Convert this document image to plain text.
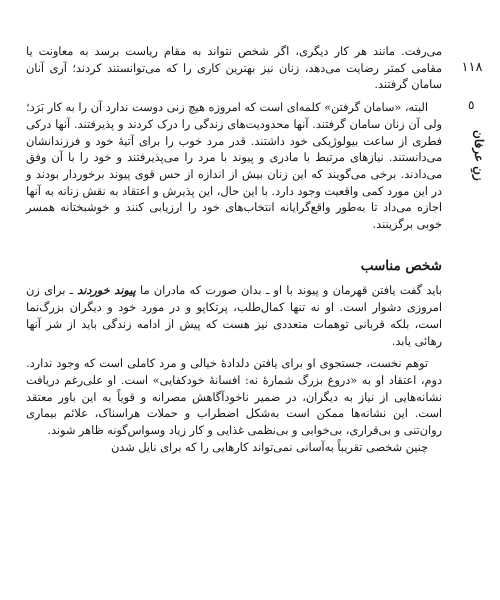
۱۱۸
٥
زنِ عرفان

می‌رفت. مانند هر کار دیگری، اگر شخص نتواند به مقام ریاست برسد به معاونت یا مقامی کمتر رضایت می‌دهد، زنان نیز بهترین کاری را که می‌توانستند کردند؛ آری آنان سامان گرفتند.

البته، «سامان گرفتن» کلمه‌ای است که امروزه هیچ زنی دوست ندارد آن را به کار بَرَد؛ ولی آن زنان سامان گرفتند. آنها محدودیت‌های زندگی را درک کردند و پذیرفتند. آنها درکی فطری از ساعت بیولوژیکی خود داشتند. قدر مرد خوب را برای آتیهٔ خود و فرزندانشان می‌دانستند. نیازهای مرتبط با مادری و پیوند با مرد را می‌پذیرفتند و خود را با آن وفق می‌دادند. برخی می‌گویند که این زنان بیش از اندازه از حس قوی پیوند برخوردار بودند و در این مورد کمی واقعیت وجود دارد. با این حال، این پذیرش و اعتقاد به نقش زنانه به آنها اجازه می‌داد تا به‌طور واقع‌گرایانه انتخاب‌های خود را ارزیابی کنند و خوشبختانه همسر خوبی برگزینند.

شخص مناسب

باید گفت یافتن قهرمان و پیوند با او ـ بدان صورت که مادران ما پیوند خوردند ـ برای زن امروزی دشوار است. او نه تنها کمال‌طلب، پرتکاپو و در مورد خود و دیگران بزرگ‌نما است، بلکه قربانی توهمات متعددی نیز هست که پیش از ادامه زندگی باید از شر آنها رهائی یابد.

توهم نخست، جستجوی او برای یافتن دلدادهٔ خیالی و مرد کاملی است که وجود ندارد. دوم، اعتقاد او به «دروغ بزرگ شمارهٔ نه: افسانهٔ خودکفایی» است. او علی‌رغم دریافت نشانه‌هایی از نیاز به دیگران، در ضمیر ناخودآگاهش مصرانه و قویاً به این باور معتقد است. این نشانه‌ها ممکن است به‌شکل اضطراب و حملات هراسناک، علائم بیماری روان‌تنی و بی‌قراری، بی‌خوابی و بی‌نظمی غذایی و کار زیاد وسواس‌گونه ظاهر شوند.

چنین شخصی تقریباً به‌آسانی نمی‌تواند کارهایی را که برای نایل شدن
